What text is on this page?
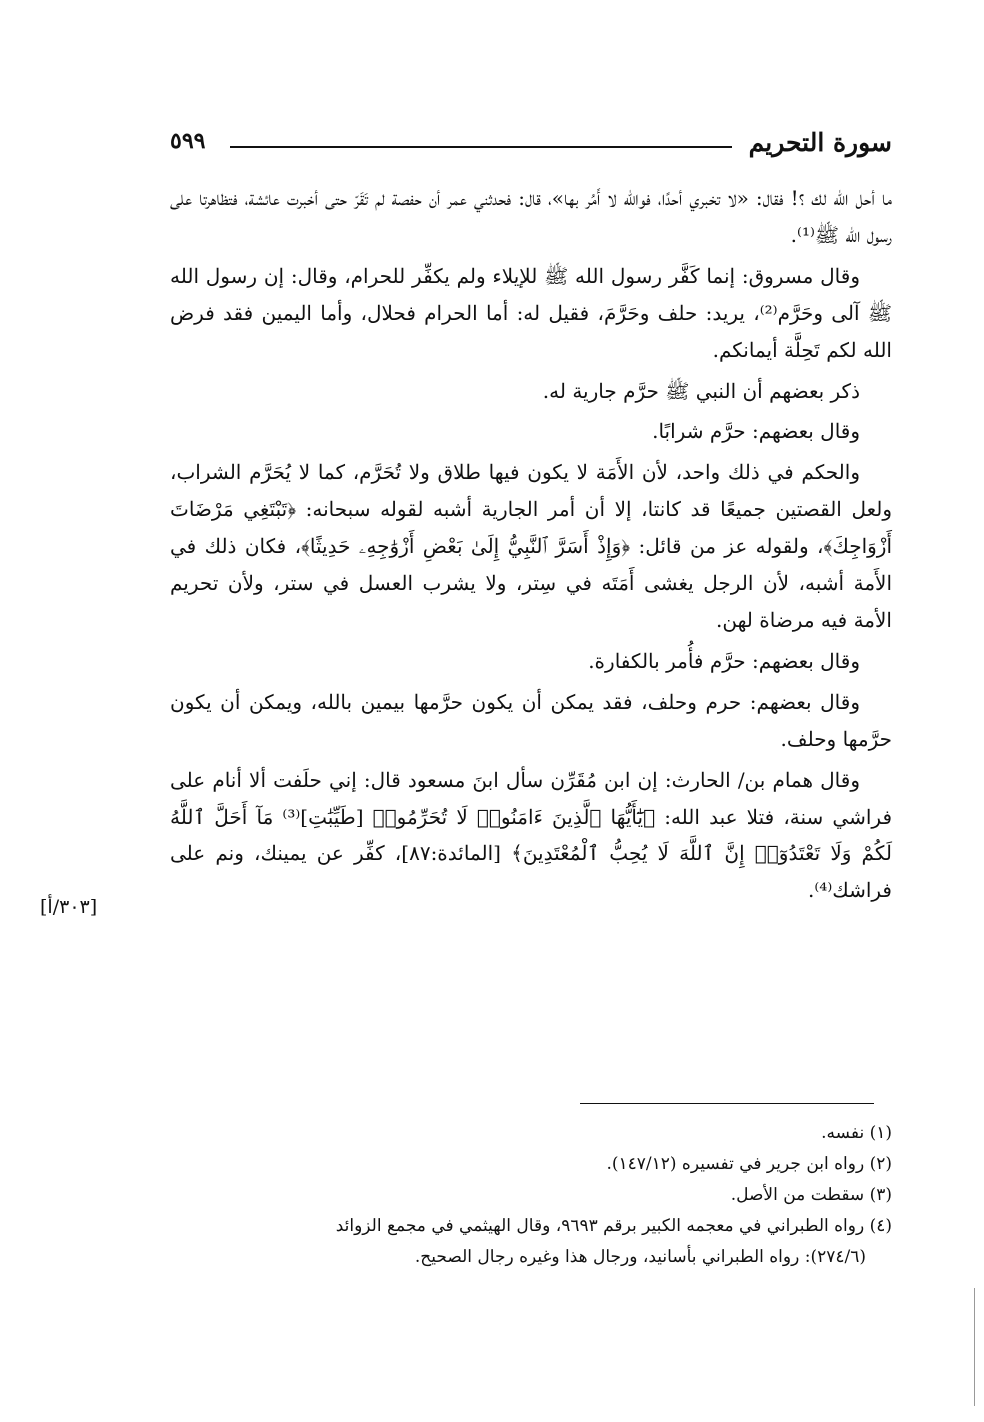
سورة التحريم
٥٩٩

ما أحل الله لك ؟! فقال: «لا تخبري أحدًا، فوالله لا أَمُر بها»، قال: فحدثني عمر أن حفصة لم تَقَرّ حتى أخبرت عائشة، فتظاهرتا على رسول الله ﷺ⁽¹⁾.

وقال مسروق: إنما كَفَّر رسول الله ﷺ للإيلاء ولم يكفِّر للحرام، وقال: إن رسول الله ﷺ آلى وحَرَّم⁽²⁾، يريد: حلف وحَرَّمَ، فقيل له: أما الحرام فحلال، وأما اليمين فقد فرض الله لكم تَحِلَّة أيمانكم.

ذكر بعضهم أن النبي ﷺ حرَّم جارية له.

وقال بعضهم: حرَّم شرابًا.

والحكم في ذلك واحد، لأن الأَمَة لا يكون فيها طلاق ولا تُحَرَّم، كما لا يُحَرَّم الشراب، ولعل القصتين جميعًا قد كانتا، إلا أن أمر الجارية أشبه لقوله سبحانه: ﴿تَبْتَغِي مَرْضَاتَ أَزْوَاجِكَ﴾، ولقوله عز من قائل: ﴿وَإِذْ أَسَرَّ ٱلنَّبِيُّ إِلَىٰ بَعْضِ أَزْوَٰجِهِۦ حَدِيثًا﴾، فكان ذلك في الأَمة أشبه، لأن الرجل يغشى أَمَتَه في سِتر، ولا يشرب العسل في ستر، ولأن تحريم الأمة فيه مرضاة لهن.

وقال بعضهم: حرَّم فأُمر بالكفارة.

وقال بعضهم: حرم وحلف، فقد يمكن أن يكون حرَّمها بيمين بالله، ويمكن أن يكون حرَّمها وحلف.

وقال همام بن/ الحارث: إن ابن مُقَرِّن سأل ابنَ مسعود قال: إني حلَفت ألا أنام على فراشي سنة، فتلا عبد الله: ﴿يَٰٓأَيُّهَا ٱلَّذِينَ ءَامَنُوا۟ لَا تُحَرِّمُوا۟ [طَيِّبَٰتِ]⁽³⁾ مَآ أَحَلَّ ٱللَّهُ لَكُمْ وَلَا تَعْتَدُوٓا۟ إِنَّ ٱللَّهَ لَا يُحِبُّ ٱلْمُعْتَدِينَ﴾ [المائدة:٨٧]، كفِّر عن يمينك، ونم على فراشك⁽⁴⁾.

[٣٠٣/أ]

(١) نفسه.

(٢) رواه ابن جرير في تفسيره (١٤٧/١٢).

(٣) سقطت من الأصل.

(٤) رواه الطبراني في معجمه الكبير برقم ٩٦٩٣، وقال الهيثمي في مجمع الزوائد

(٢٧٤/٦): رواه الطبراني بأسانيد، ورجال هذا وغيره رجال الصحيح.
